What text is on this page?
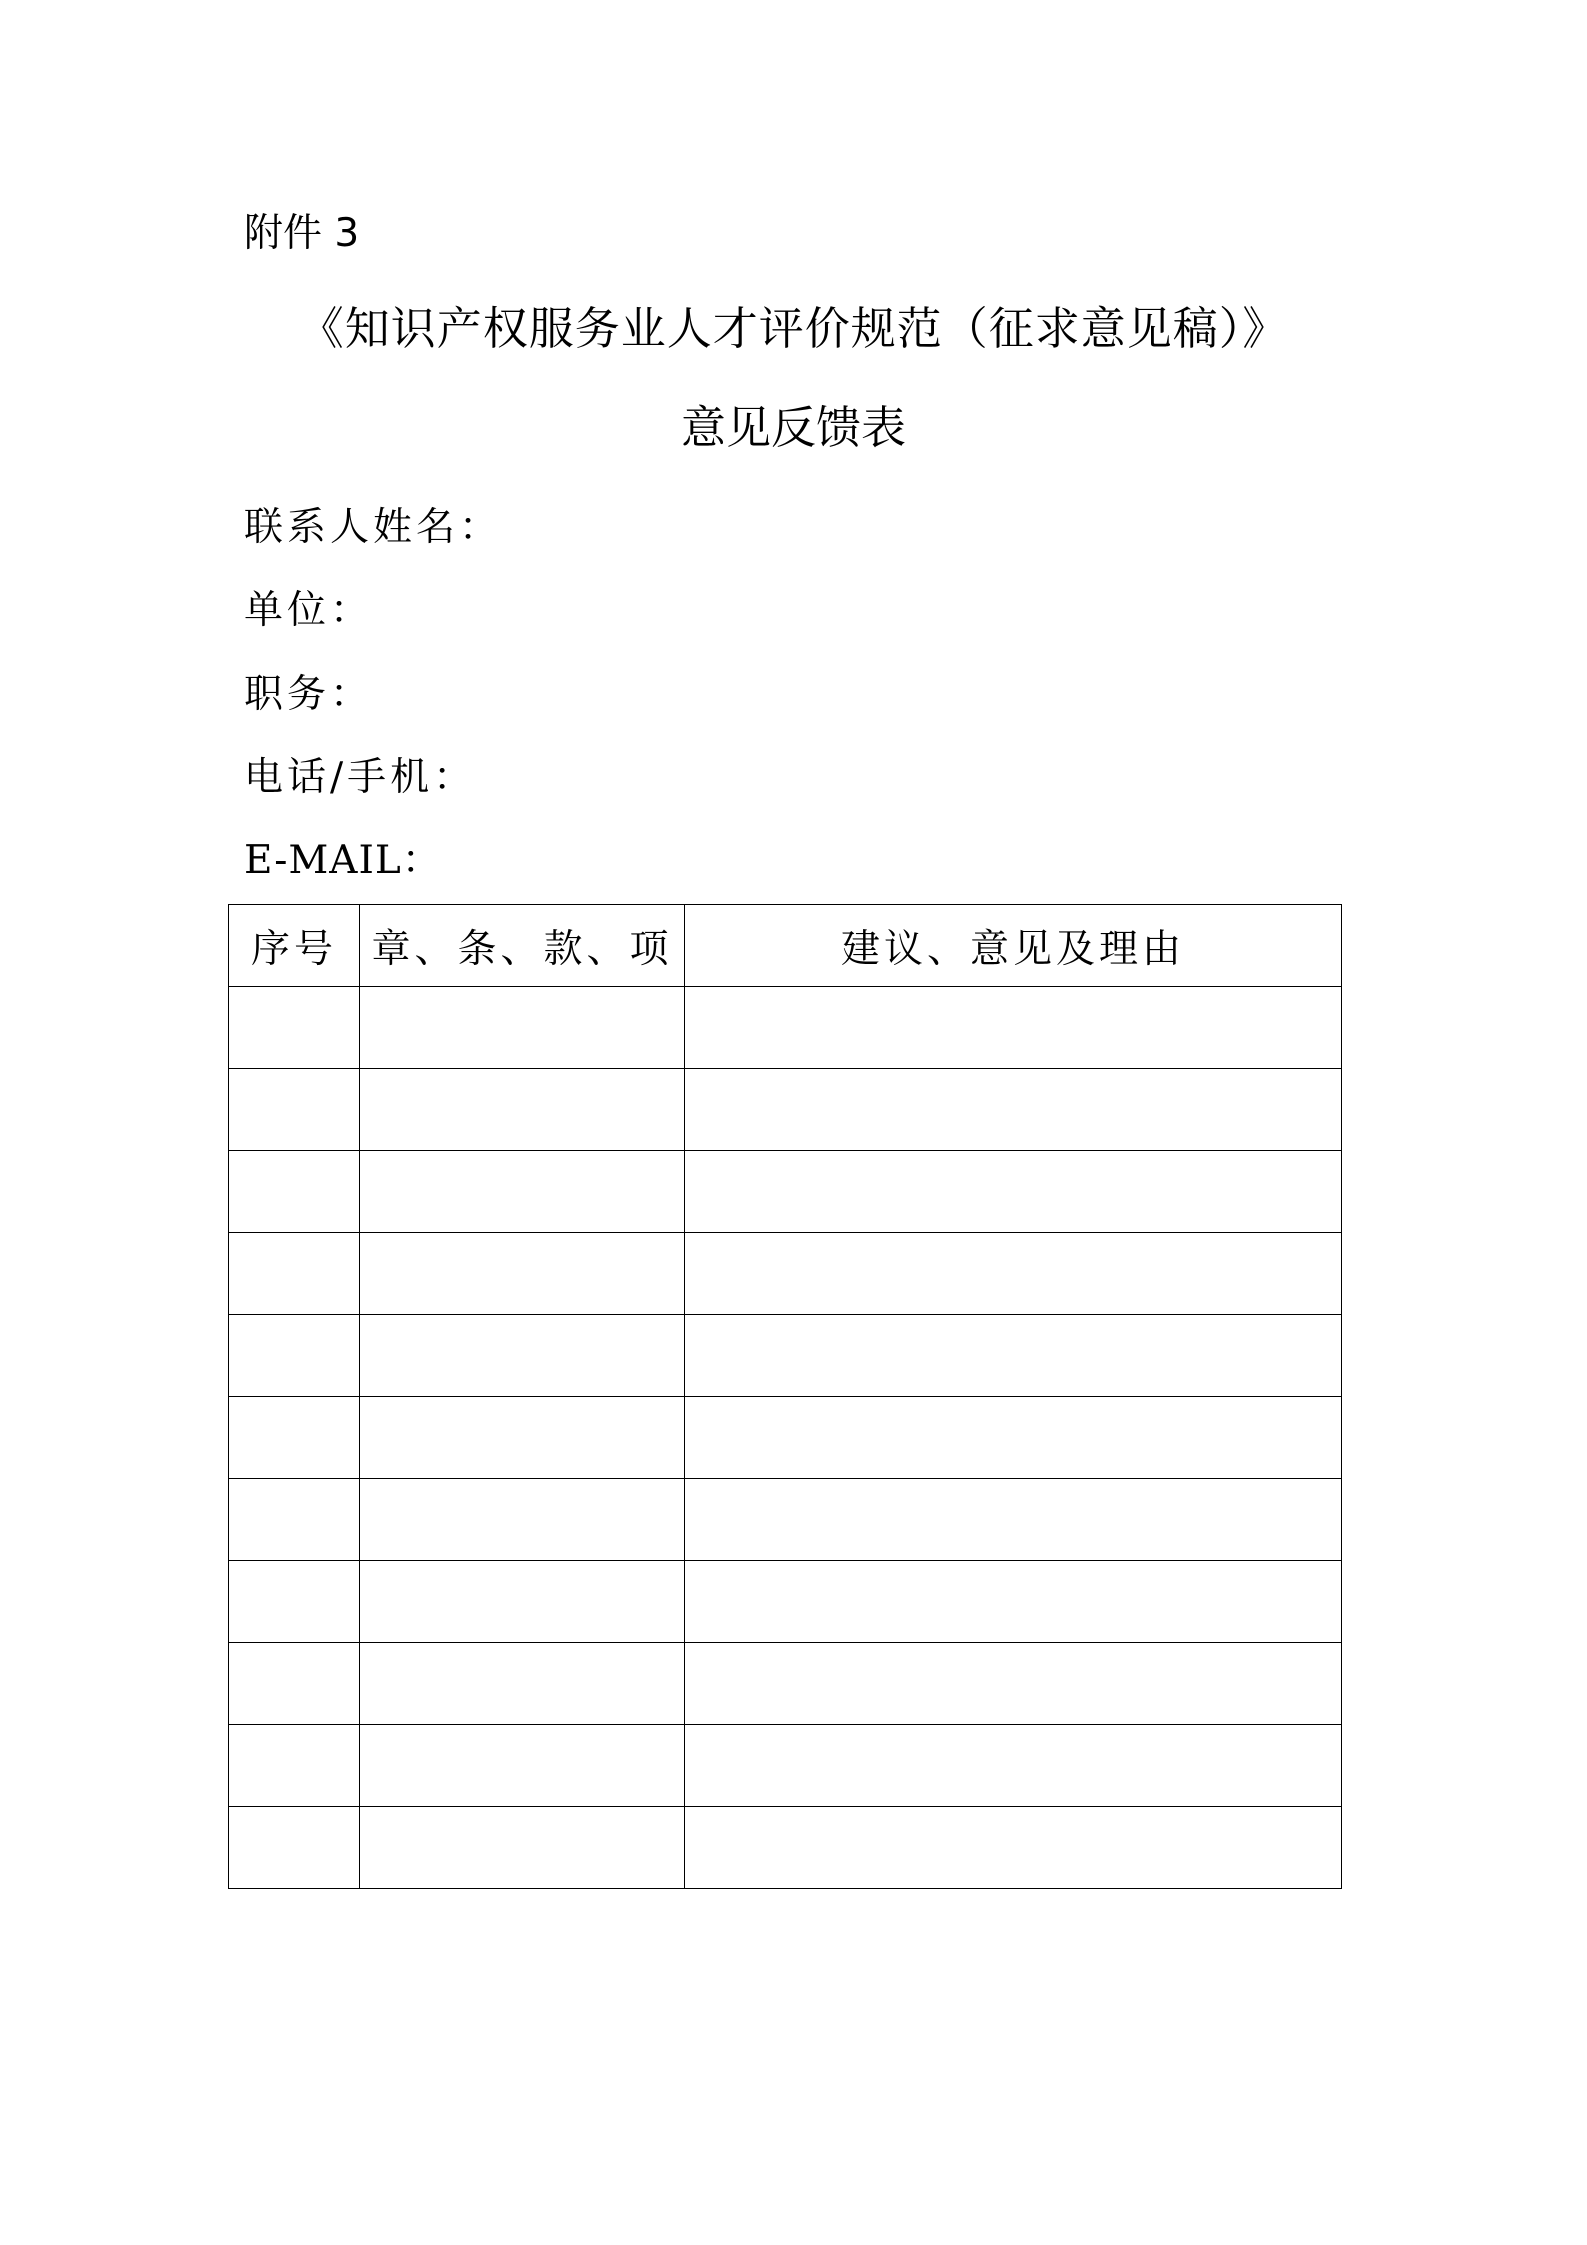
附件 3
《知识产权服务业人才评价规范（征求意见稿）》
意见反馈表
联系人姓名：
单位：
职务：
电话/手机：
E-MAIL：
序号	章、条、款、项	建议、意见及理由
